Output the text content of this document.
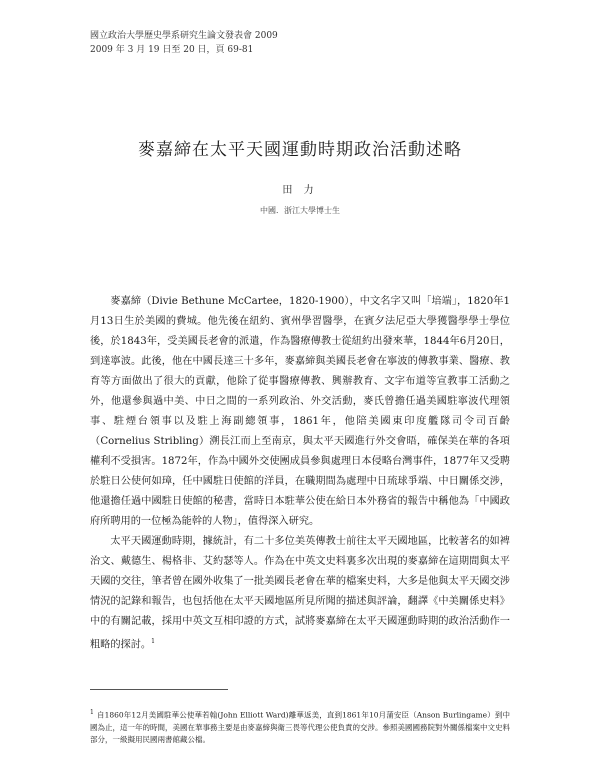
國立政治大學歷史學系研究生論文發表會 2009
2009 年 3 月 19 日至 20 日，頁 69-81
麥嘉締在太平天國運動時期政治活動述略
田 力
中國．浙江大學博士生

麥嘉締（Divie Bethune McCartee，1820-1900），中文名字又叫「培端」，1820年1月13日生於美國的費城。他先後在紐約、賓州學習醫學，在賓夕法尼亞大學獲醫學學士學位後，於1843年，受美國長老會的派遣，作為醫療傳教士從紐約出發來華，1844年6月20日，到達寧波。此後，他在中國長達三十多年，麥嘉締與美國長老會在寧波的傳教事業、醫療、教育等方面做出了很大的貢獻，他除了從事醫療傳教、興辦教育、文字布道等宣教事工活動之外，他還參與過中美、中日之間的一系列政治、外交活動，麥氏曾擔任過美國駐寧波代理領事、駐煙台領事以及駐上海副總領事，1861年，他陪美國東印度艦隊司令司百齡（Cornelius Stribling）溯長江而上至南京，與太平天國進行外交會晤，確保美在華的各項權利不受損害。1872年，作為中國外交使團成員參與處理日本侵略台灣事件，1877年又受聘於駐日公使何如璋，任中國駐日使館的洋員，在職期間為處理中日琉球爭端、中日關係交涉，他還擔任過中國駐日使館的秘書，當時日本駐華公使在給日本外務省的報告中稱他為「中國政府所聘用的一位極為能幹的人物」，值得深入研究。

太平天國運動時期，據統計，有二十多位美英傳教士前往太平天國地區，比較著名的如裨治文、戴德生、楊格非、艾約瑟等人。作為在中英文史料裏多次出現的麥嘉締在這期間與太平天國的交往，筆者曾在國外收集了一批美國長老會在華的檔案史料，大多是他與太平天國交涉情況的記錄和報告，也包括他在太平天國地區所見所聞的描述與評論，翻譯《中美關係史料》中的有關記載，採用中英文互相印證的方式，試將麥嘉締在太平天國運動時期的政治活動作一粗略的探討。$^1$

$^1$ 自1860年12月美國駐華公使華若翰(John Elliott Ward)離華返美，直到1861年10月蒲安臣（Anson Burlingame）到中國為止，這一年的時間，美國在華事務主要是由麥嘉締與衛三畏等代理公使負責的交涉。參照美國國務院對外關係檔案中文史料部分，一級擬用民國兩書館藏公檔。
